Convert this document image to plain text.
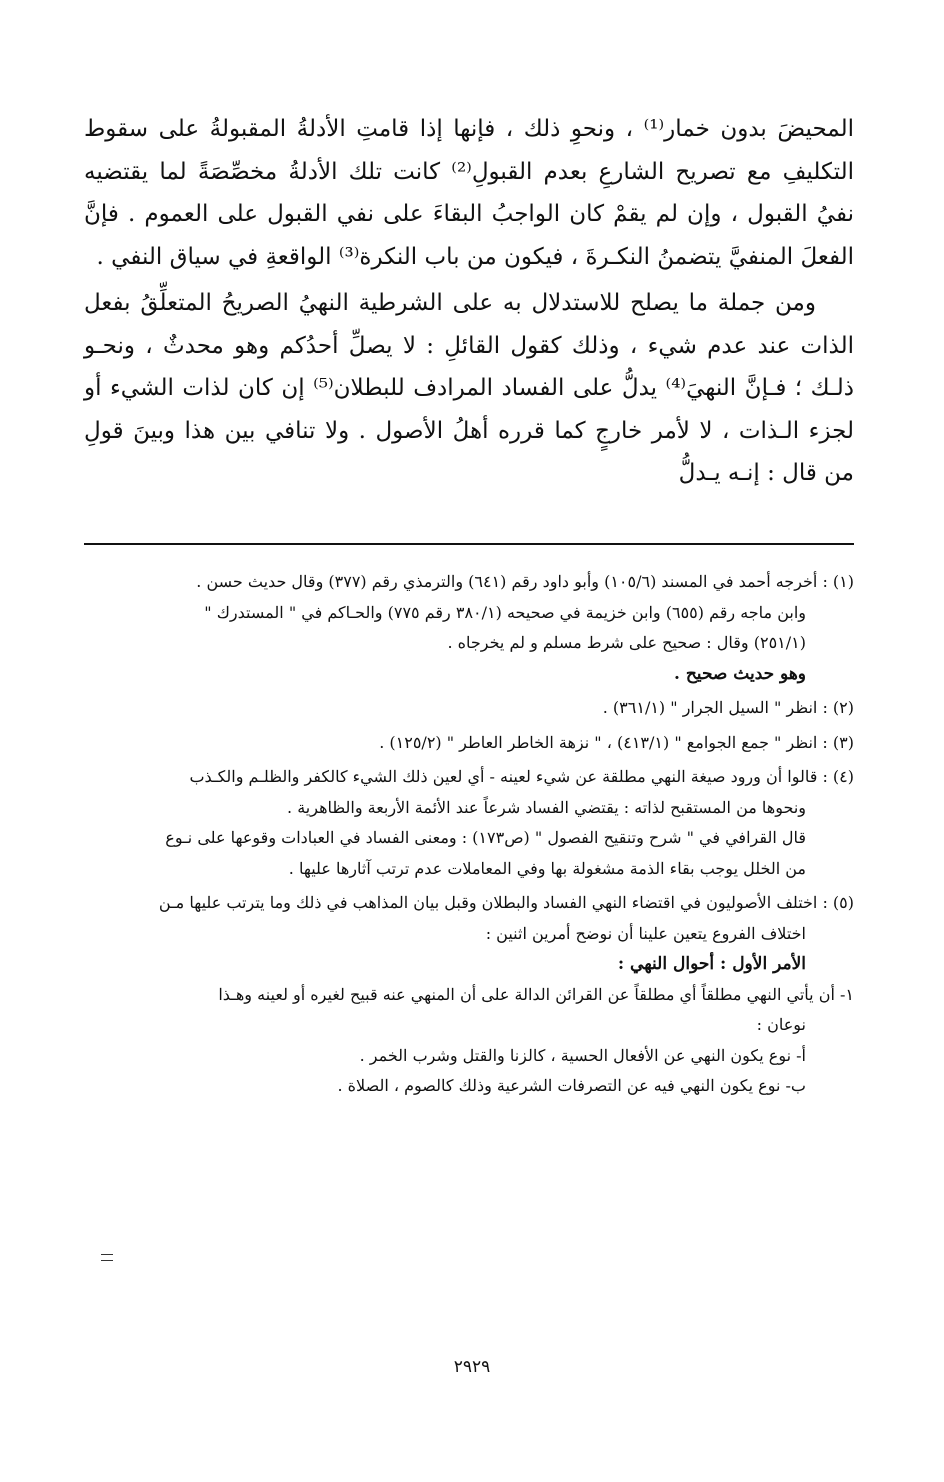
المحيضَ بدون خمار⁽¹⁾ ، ونحوِ ذلك ، فإنها إذا قامتِ الأدلةُ المقبولةُ على سقوط التكليفِ مع تصريح الشارعِ بعدم القبولِ⁽²⁾ كانت تلك الأدلةُ مخصِّصَةً لما يقتضيه نفيُ القبول ، وإن لم يقمْ كان الواجبُ البقاءَ على نفي القبول على العموم . فإنَّ الفعلَ المنفيَّ يتضمنُ النكـرةَ ، فيكون من باب النكرة⁽³⁾ الواقعةِ في سياق النفي .

ومن جملة ما يصلح للاستدلال به على الشرطية النهيُ الصريحُ المتعلِّقُ بفعل الذات عند عدم شيء ، وذلك كقول القائلِ : لا يصلِّ أحدُكم وهو محدثٌ ، ونحـو ذلـك ؛ فـإنَّ النهيَ⁽⁴⁾ يدلُّ على الفساد المرادف للبطلان⁽⁵⁾ إن كان لذات الشيء أو لجزء الـذات ، لا لأمر خارجٍ كما قرره أهلُ الأصول . ولا تنافي بين هذا وبينَ قولِ من قال : إنـه يـدلُّ

(١) : أخرجه أحمد في المسند (١٠٥/٦) وأبو داود رقم (٦٤١) والترمذي رقم (٣٧٧) وقال حديث حسن .
وابن ماجه رقم (٦٥٥) وابن خزيمة في صحيحه (٣٨٠/١ رقم ٧٧٥) والحـاكم في " المستدرك "
(٢٥١/١) وقال : صحيح على شرط مسلم و لم يخرجاه .
وهو حديث صحيح .
(٢) : انظر " السيل الجرار " (٣٦١/١) .
(٣) : انظر " جمع الجوامع " (٤١٣/١) ، " نزهة الخاطر العاطر " (١٢٥/٢) .
(٤) : قالوا أن ورود صيغة النهي مطلقة عن شيء لعينه - أي لعين ذلك الشيء كالكفر والظلـم والكـذب
ونحوها من المستقبح لذاته : يقتضي الفساد شرعاً عند الأئمة الأربعة والظاهرية .
قال القرافي في " شرح وتنقيح الفصول " (ص١٧٣) : ومعنى الفساد في العبادات وقوعها على نـوع
من الخلل يوجب بقاء الذمة مشغولة بها وفي المعاملات عدم ترتب آثارها عليها .
(٥) : اختلف الأصوليون في اقتضاء النهي الفساد والبطلان وقبل بيان المذاهب في ذلك وما يترتب عليها مـن
اختلاف الفروع يتعين علينا أن نوضح أمرين اثنين :
الأمر الأول : أحوال النهي :
١- أن يأتي النهي مطلقاً أي مطلقاً عن القرائن الدالة على أن المنهي عنه قبيح لغيره أو لعينه وهـذا
نوعان :
أ- نوع يكون النهي عن الأفعال الحسية ، كالزنا والقتل وشرب الخمر .
ب- نوع يكون النهي فيه عن التصرفات الشرعية وذلك كالصوم ، الصلاة .
٢٩٢٩
